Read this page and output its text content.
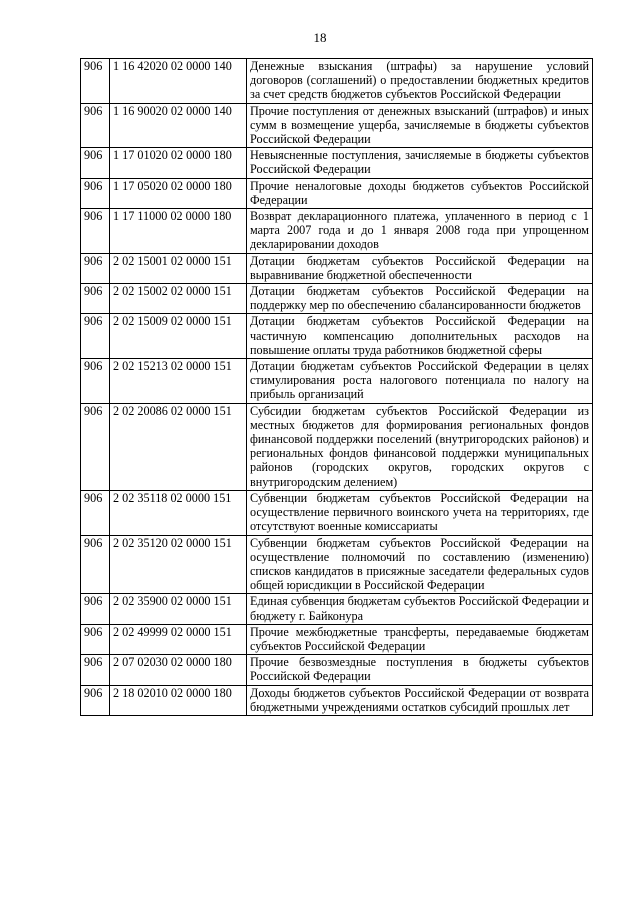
18
906	1 16 42020 02 0000 140	Денежные взыскания (штрафы) за нарушение условий договоров (соглашений) о предоставлении бюджетных кредитов за счет средств бюджетов субъектов Российской Федерации
906	1 16 90020 02 0000 140	Прочие поступления от денежных взысканий (штрафов) и иных сумм в возмещение ущерба, зачисляемые в бюджеты субъектов Российской Федерации
906	1 17 01020 02 0000 180	Невыясненные поступления, зачисляемые в бюджеты субъектов Российской Федерации
906	1 17 05020 02 0000 180	Прочие неналоговые доходы бюджетов субъектов Российской Федерации
906	1 17 11000 02 0000 180	Возврат декларационного платежа, уплаченного в период с 1 марта 2007 года и до 1 января 2008 года при упрощенном декларировании доходов
906	2 02 15001 02 0000 151	Дотации бюджетам субъектов Российской Федерации на выравнивание бюджетной обеспеченности
906	2 02 15002 02 0000 151	Дотации бюджетам субъектов Российской Федерации на поддержку мер по обеспечению сбалансированности бюджетов
906	2 02 15009 02 0000 151	Дотации бюджетам субъектов Российской Федерации на частичную компенсацию дополнительных расходов на повышение оплаты труда работников бюджетной сферы
906	2 02 15213 02 0000 151	Дотации бюджетам субъектов Российской Федерации в целях стимулирования роста налогового потенциала по налогу на прибыль организаций
906	2 02 20086 02 0000 151	Субсидии бюджетам субъектов Российской Федерации из местных бюджетов для формирования региональных фондов финансовой поддержки поселений (внутригородских районов) и региональных фондов финансовой поддержки муниципальных районов (городских округов, городских округов с внутригородским делением)
906	2 02 35118 02 0000 151	Субвенции бюджетам субъектов Российской Федерации на осуществление первичного воинского учета на территориях, где отсутствуют военные комиссариаты
906	2 02 35120 02 0000 151	Субвенции бюджетам субъектов Российской Федерации на осуществление полномочий по составлению (изменению) списков кандидатов в присяжные заседатели федеральных судов общей юрисдикции в Российской Федерации
906	2 02 35900 02 0000 151	Единая субвенция бюджетам субъектов Российской Федерации и бюджету г. Байконура
906	2 02 49999 02 0000 151	Прочие межбюджетные трансферты, передаваемые бюджетам субъектов Российской Федерации
906	2 07 02030 02 0000 180	Прочие безвозмездные поступления в бюджеты субъектов Российской Федерации
906	2 18 02010 02 0000 180	Доходы бюджетов субъектов Российской Федерации от возврата бюджетными учреждениями остатков субсидий прошлых лет
